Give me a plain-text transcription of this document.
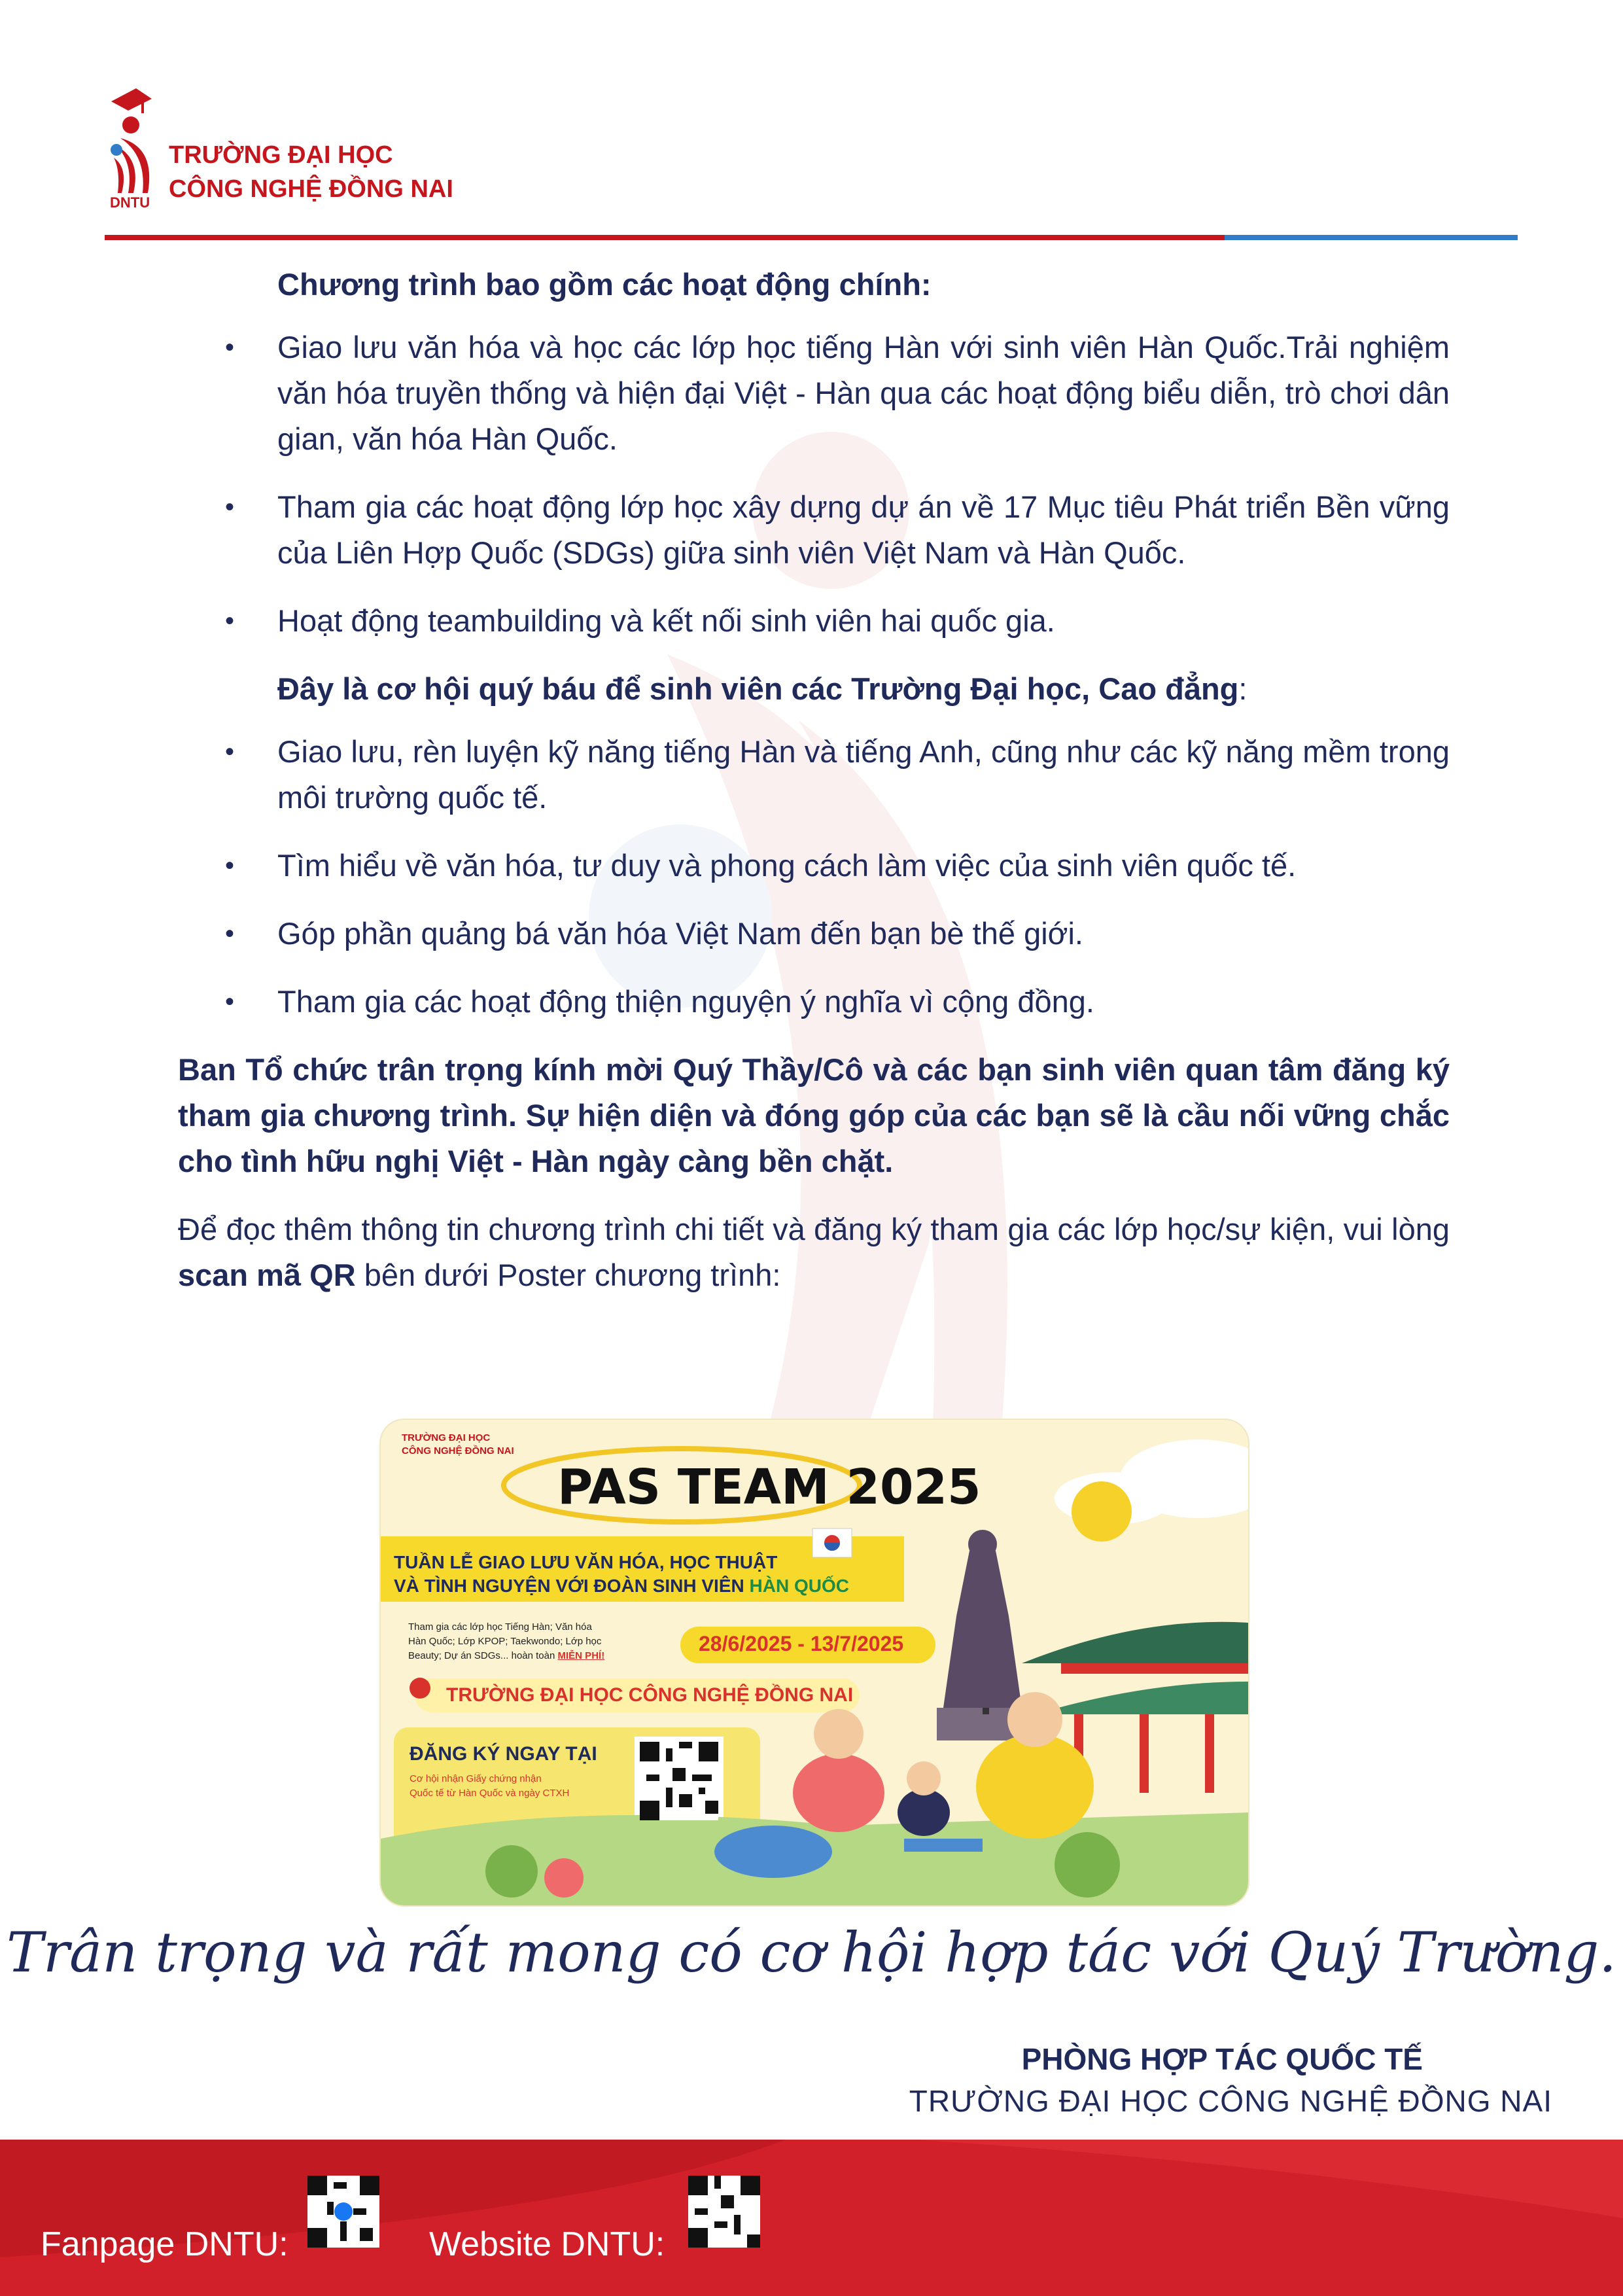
TRƯỜNG ĐẠI HỌC
CÔNG NGHỆ ĐỒNG NAI
DNTU

Chương trình bao gồm các hoạt động chính:

• Giao lưu văn hóa và học các lớp học tiếng Hàn với sinh viên Hàn Quốc.Trải nghiệm văn hóa truyền thống và hiện đại Việt - Hàn qua các hoạt động biểu diễn, trò chơi dân gian, văn hóa Hàn Quốc.
• Tham gia các hoạt động lớp học xây dựng dự án về 17 Mục tiêu Phát triển Bền vững của Liên Hợp Quốc (SDGs) giữa sinh viên Việt Nam và Hàn Quốc.
• Hoạt động teambuilding và kết nối sinh viên hai quốc gia.

Đây là cơ hội quý báu để sinh viên các Trường Đại học, Cao đẳng:

• Giao lưu, rèn luyện kỹ năng tiếng Hàn và tiếng Anh, cũng như các kỹ năng mềm trong môi trường quốc tế.
• Tìm hiểu về văn hóa, tư duy và phong cách làm việc của sinh viên quốc tế.
• Góp phần quảng bá văn hóa Việt Nam đến bạn bè thế giới.
• Tham gia các hoạt động thiện nguyện ý nghĩa vì cộng đồng.

Ban Tổ chức trân trọng kính mời Quý Thầy/Cô và các bạn sinh viên quan tâm đăng ký tham gia chương trình. Sự hiện diện và đóng góp của các bạn sẽ là cầu nối vững chắc cho tình hữu nghị Việt - Hàn ngày càng bền chặt.

Để đọc thêm thông tin chương trình chi tiết và đăng ký tham gia các lớp học/sự kiện, vui lòng scan mã QR bên dưới Poster chương trình:

TRƯỜNG ĐẠI HỌC
CÔNG NGHỆ ĐỒNG NAI
PAS TEAM 2025
TUẦN LỄ GIAO LƯU VĂN HÓA, HỌC THUẬT
VÀ TÌNH NGUYỆN VỚI ĐOÀN SINH VIÊN HÀN QUỐC
Tham gia các lớp học Tiếng Hàn; Văn hóa
Hàn Quốc; Lớp KPOP; Taekwondo; Lớp học
Beauty; Dự án SDGs... hoàn toàn MIỄN PHÍ!
28/6/2025 - 13/7/2025
TRƯỜNG ĐẠI HỌC CÔNG NGHỆ ĐỒNG NAI
ĐĂNG KÝ NGAY TẠI
Cơ hội nhận Giấy chứng nhận
Quốc tế từ Hàn Quốc và ngày CTXH
Trân trọng và rất mong có cơ hội hợp tác với Quý Trường.
PHÒNG HỢP TÁC QUỐC TẾ
TRƯỜNG ĐẠI HỌC CÔNG NGHỆ ĐỒNG NAI
Fanpage DNTU:	Website DNTU:
